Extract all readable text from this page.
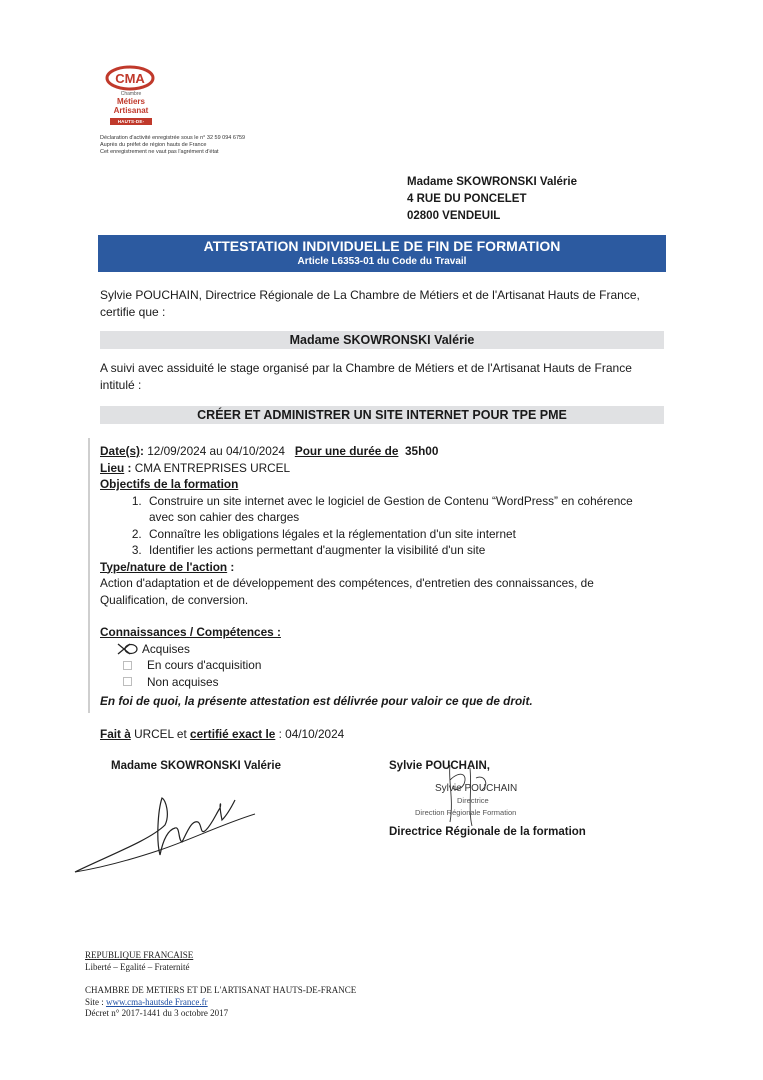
CMA
Chambre
Métiers
Artisanat
HAUTS-DE-FRANCE
Déclaration d'activité enregistrée sous le n° 32 59 094 6759
Auprès du préfet de région hauts de France
Cet enregistrement ne vaut pas l'agrément d'état
Madame SKOWRONSKI Valérie
4 RUE DU PONCELET
02800 VENDEUIL
ATTESTATION INDIVIDUELLE DE FIN DE FORMATION
Article L6353-01 du Code du Travail
Sylvie POUCHAIN, Directrice Régionale de La Chambre de Métiers et de l'Artisanat Hauts de France, certifie que :
Madame SKOWRONSKI Valérie
A suivi avec assiduité le stage organisé par la Chambre de Métiers et de l'Artisanat Hauts de France intitulé :
CRÉER ET ADMINISTRER UN SITE INTERNET POUR TPE PME
Date(s): 12/09/2024 au 04/10/2024 Pour une durée de 35h00
Lieu : CMA ENTREPRISES URCEL
Objectifs de la formation
1. Construire un site internet avec le logiciel de Gestion de Contenu “WordPress” en cohérence avec son cahier des charges
2. Connaître les obligations légales et la réglementation d'un site internet
3. Identifier les actions permettant d'augmenter la visibilité d'un site
Type/nature de l'action :
Action d'adaptation et de développement des compétences, d'entretien des connaissances, de Qualification, de conversion.
Connaissances / Compétences :
Acquises
En cours d'acquisition
Non acquises
En foi de quoi, la présente attestation est délivrée pour valoir ce que de droit.
Fait à URCEL et certifié exact le : 04/10/2024
Madame SKOWRONSKI Valérie	Sylvie POUCHAIN,
Sylvie POUCHAIN
Directrice
Direction Régionale Formation
Directrice Régionale de la formation
REPUBLIQUE FRANCAISE
Liberté – Egalité – Fraternité
CHAMBRE DE METIERS ET DE L'ARTISANAT HAUTS-DE-FRANCE
Site : www.cma-hautsde France.fr
Décret n° 2017-1441 du 3 octobre 2017
